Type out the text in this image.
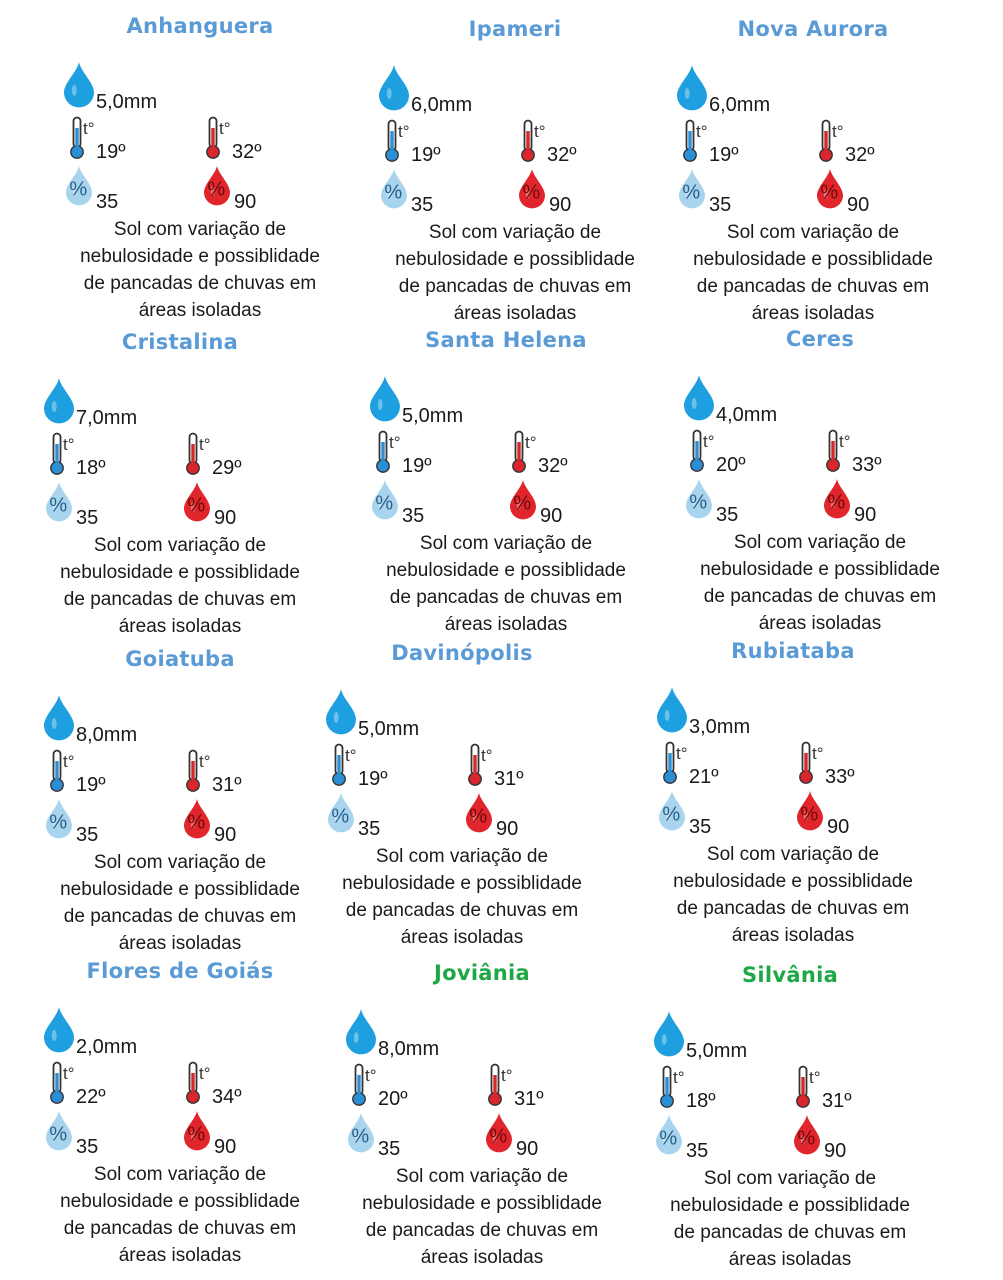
Anhanguera
5,0mm
t°
19º
t°
32º
%
35
%
90
Sol com variação de
nebulosidade e possiblidade
de pancadas de chuvas em
áreas isoladas
Ipameri
6,0mm
t°
19º
t°
32º
%
35
%
90
Sol com variação de
nebulosidade e possiblidade
de pancadas de chuvas em
áreas isoladas
Nova Aurora
6,0mm
t°
19º
t°
32º
%
35
%
90
Sol com variação de
nebulosidade e possiblidade
de pancadas de chuvas em
áreas isoladas
Cristalina
7,0mm
t°
18º
t°
29º
%
35
%
90
Sol com variação de
nebulosidade e possiblidade
de pancadas de chuvas em
áreas isoladas
Santa Helena
5,0mm
t°
19º
t°
32º
%
35
%
90
Sol com variação de
nebulosidade e possiblidade
de pancadas de chuvas em
áreas isoladas
Ceres
4,0mm
t°
20º
t°
33º
%
35
%
90
Sol com variação de
nebulosidade e possiblidade
de pancadas de chuvas em
áreas isoladas
Goiatuba
8,0mm
t°
19º
t°
31º
%
35
%
90
Sol com variação de
nebulosidade e possiblidade
de pancadas de chuvas em
áreas isoladas
Davinópolis
5,0mm
t°
19º
t°
31º
%
35
%
90
Sol com variação de
nebulosidade e possiblidade
de pancadas de chuvas em
áreas isoladas
Rubiataba
3,0mm
t°
21º
t°
33º
%
35
%
90
Sol com variação de
nebulosidade e possiblidade
de pancadas de chuvas em
áreas isoladas
Flores de Goiás
2,0mm
t°
22º
t°
34º
%
35
%
90
Sol com variação de
nebulosidade e possiblidade
de pancadas de chuvas em
áreas isoladas
Joviânia
8,0mm
t°
20º
t°
31º
%
35
%
90
Sol com variação de
nebulosidade e possiblidade
de pancadas de chuvas em
áreas isoladas
Silvânia
5,0mm
t°
18º
t°
31º
%
35
%
90
Sol com variação de
nebulosidade e possiblidade
de pancadas de chuvas em
áreas isoladas
